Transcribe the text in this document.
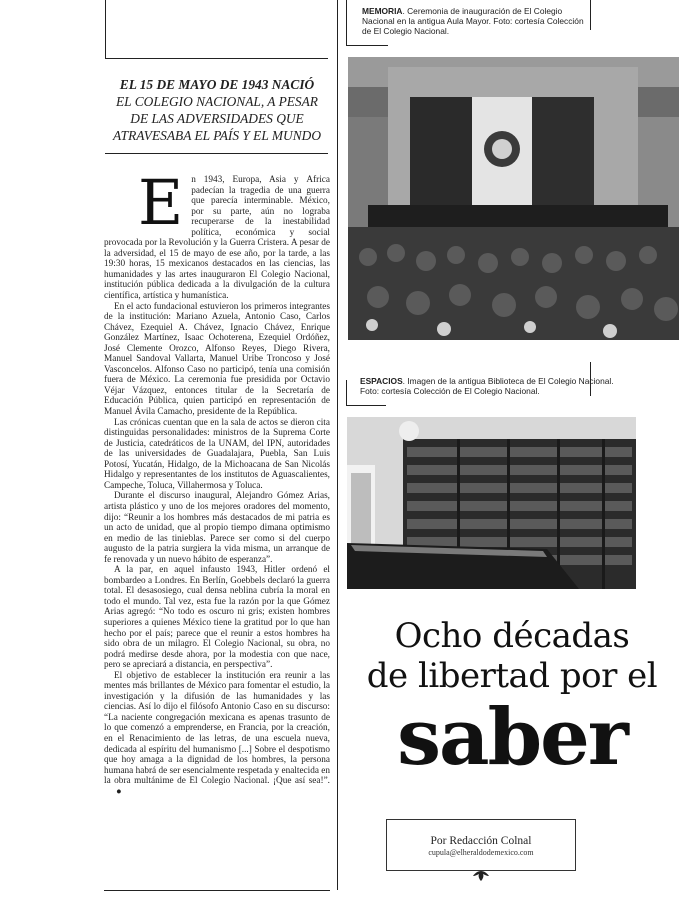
MEMORIA. Ceremonia de inauguración de El Colegio Nacional en la antigua Aula Mayor. Foto: cortesía Colección de El Colegio Nacional.
ESPACIOS. Imagen de la antigua Biblioteca de El Colegio Nacional. Foto: cortesía Colección de El Colegio Nacional.
EL 15 DE MAYO DE 1943 NACIÓ
EL COLEGIO NACIONAL, A PESAR
DE LAS ADVERSIDADES QUE
ATRAVESABA EL PAÍS Y EL MUNDO
E n 1943, Europa, Asia y África padecían la tragedia de una guerra que parecía interminable. México, por su parte, aún no lograba recuperarse de la inestabilidad política, económica y social provocada por la Revolución y la Guerra Cristera. A pesar de la adversidad, el 15 de mayo de ese año, por la tarde, a las 19:30 horas, 15 mexicanos destacados en las ciencias, las humanidades y las artes inauguraron El Colegio Nacional, institución pública dedicada a la divulgación de la cultura científica, artística y humanística.

En el acto fundacional estuvieron los primeros integrantes de la institución: Mariano Azuela, Antonio Caso, Carlos Chávez, Ezequiel A. Chávez, Ignacio Chávez, Enrique González Martínez, Isaac Ochoterena, Ezequiel Ordóñez, José Clemente Orozco, Alfonso Reyes, Diego Rivera, Manuel Sandoval Vallarta, Manuel Uribe Troncoso y José Vasconcelos. Alfonso Caso no participó, tenía una comisión fuera de México. La ceremonia fue presidida por Octavio Véjar Vázquez, entonces titular de la Secretaría de Educación Pública, quien participó en representación de Manuel Ávila Camacho, presidente de la República.

Las crónicas cuentan que en la sala de actos se dieron cita distinguidas personalidades: ministros de la Suprema Corte de Justicia, catedráticos de la UNAM, del IPN, autoridades de las universidades de Guadalajara, Puebla, San Luis Potosí, Yucatán, Hidalgo, de la Michoacana de San Nicolás Hidalgo y representantes de los institutos de Aguascalientes, Campeche, Toluca, Villahermosa y Toluca.

Durante el discurso inaugural, Alejandro Gómez Arias, artista plástico y uno de los mejores oradores del momento, dijo: “Reunir a los hombres más destacados de mi patria es un acto de unidad, que al propio tiempo dimana optimismo en medio de las tinieblas. Parece ser como si del cuerpo augusto de la patria surgiera la vida misma, un arranque de fe renovada y un nuevo hábito de esperanza”.

A la par, en aquel infausto 1943, Hitler ordenó el bombardeo a Londres. En Berlín, Goebbels declaró la guerra total. El desasosiego, cual densa neblina cubría la moral en todo el mundo. Tal vez, esta fue la razón por la que Gómez Arias agregó: “No todo es oscuro ni gris; existen hombres superiores a quienes México tiene la gratitud por lo que han hecho por el país; parece que el reunir a estos hombres ha sido obra de un milagro. El Colegio Nacional, su obra, no podrá medirse desde ahora, por la modestia con que nace, pero se apreciará a distancia, en perspectiva”.

El objetivo de establecer la institución era reunir a las mentes más brillantes de México para fomentar el estudio, la investigación y la difusión de las humanidades y las ciencias. Así lo dijo el filósofo Antonio Caso en su discurso: “La naciente congregación mexicana es apenas trasunto de lo que comenzó a emprenderse, en Francia, por la creación, en el Renacimiento de las letras, de una escuela nueva, dedicada al espíritu del humanismo [...] Sobre el despotismo que hoy amaga a la dignidad de los hombres, la persona humana habrá de ser esencialmente respetada y enaltecida en la obra multánime de El Colegio Nacional. ¡Que así sea!”.●

Ocho décadas
de libertad por el
saber
Por Redacción Colnal
cupula@elheraldodemexico.com
